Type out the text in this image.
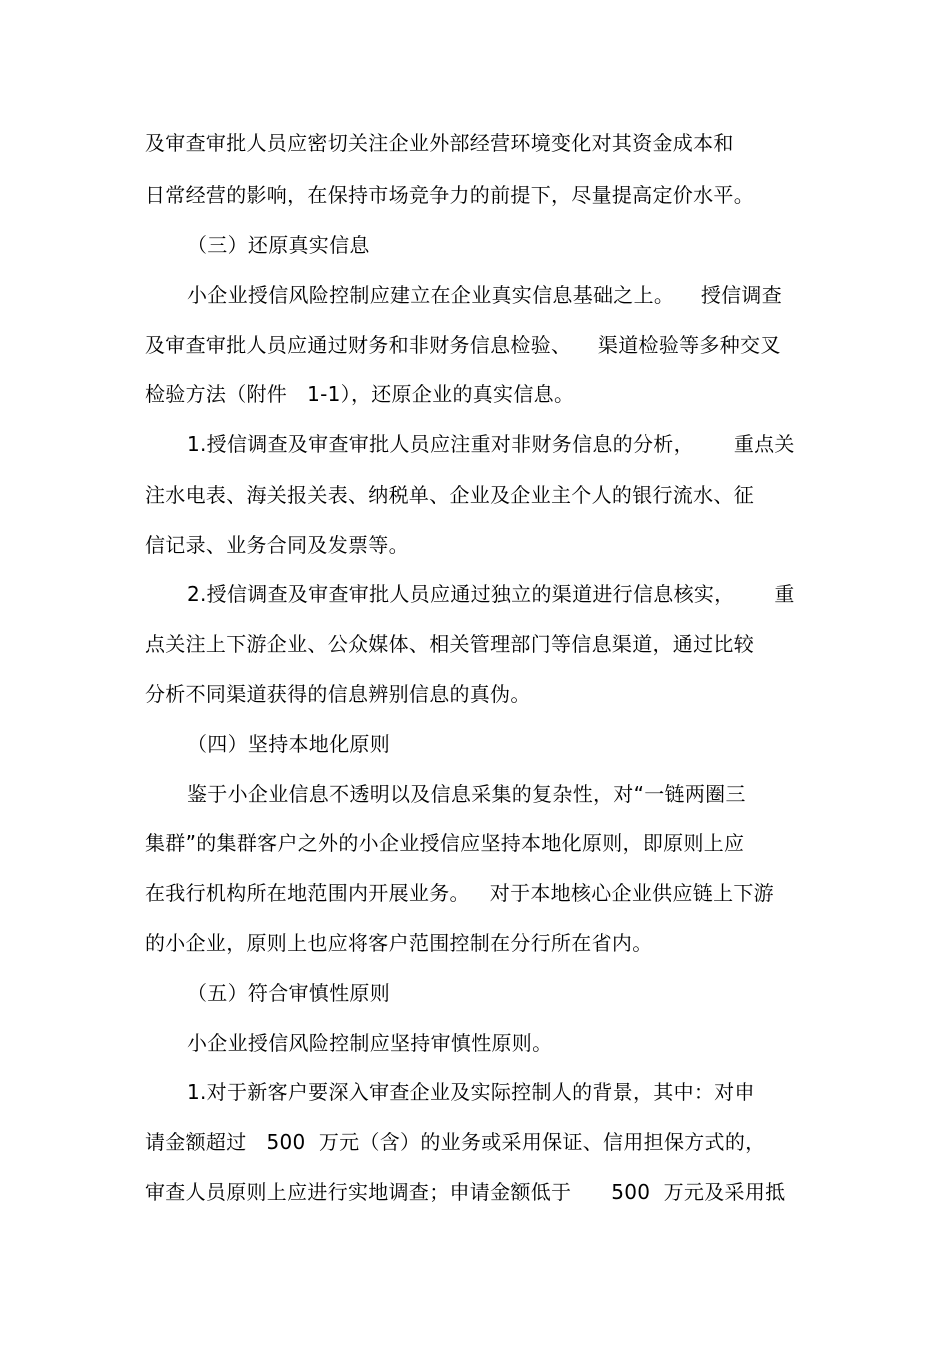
及审查审批人员应密切关注企业外部经营环境变化对其资金成本和
日常经营的影响，在保持市场竞争力的前提下，尽量提高定价水平。
（三）还原真实信息
小企业授信风险控制应建立在企业真实信息基础之上。    授信调查
及审查审批人员应通过财务和非财务信息检验、    渠道检验等多种交叉
检验方法（附件   1-1），还原企业的真实信息。
1.授信调查及审查审批人员应注重对非财务信息的分析，      重点关
注水电表、海关报关表、纳税单、企业及企业主个人的银行流水、征
信记录、业务合同及发票等。
2.授信调查及审查审批人员应通过独立的渠道进行信息核实，      重
点关注上下游企业、公众媒体、相关管理部门等信息渠道，通过比较
分析不同渠道获得的信息辨别信息的真伪。
（四）坚持本地化原则
鉴于小企业信息不透明以及信息采集的复杂性，对“一链两圈三
集群”的集群客户之外的小企业授信应坚持本地化原则，即原则上应
在我行机构所在地范围内开展业务。   对于本地核心企业供应链上下游
的小企业，原则上也应将客户范围控制在分行所在省内。
（五）符合审慎性原则
小企业授信风险控制应坚持审慎性原则。
1.对于新客户要深入审查企业及实际控制人的背景，其中：对申
请金额超过   500  万元（含）的业务或采用保证、信用担保方式的，
审查人员原则上应进行实地调查；申请金额低于      500  万元及采用抵
